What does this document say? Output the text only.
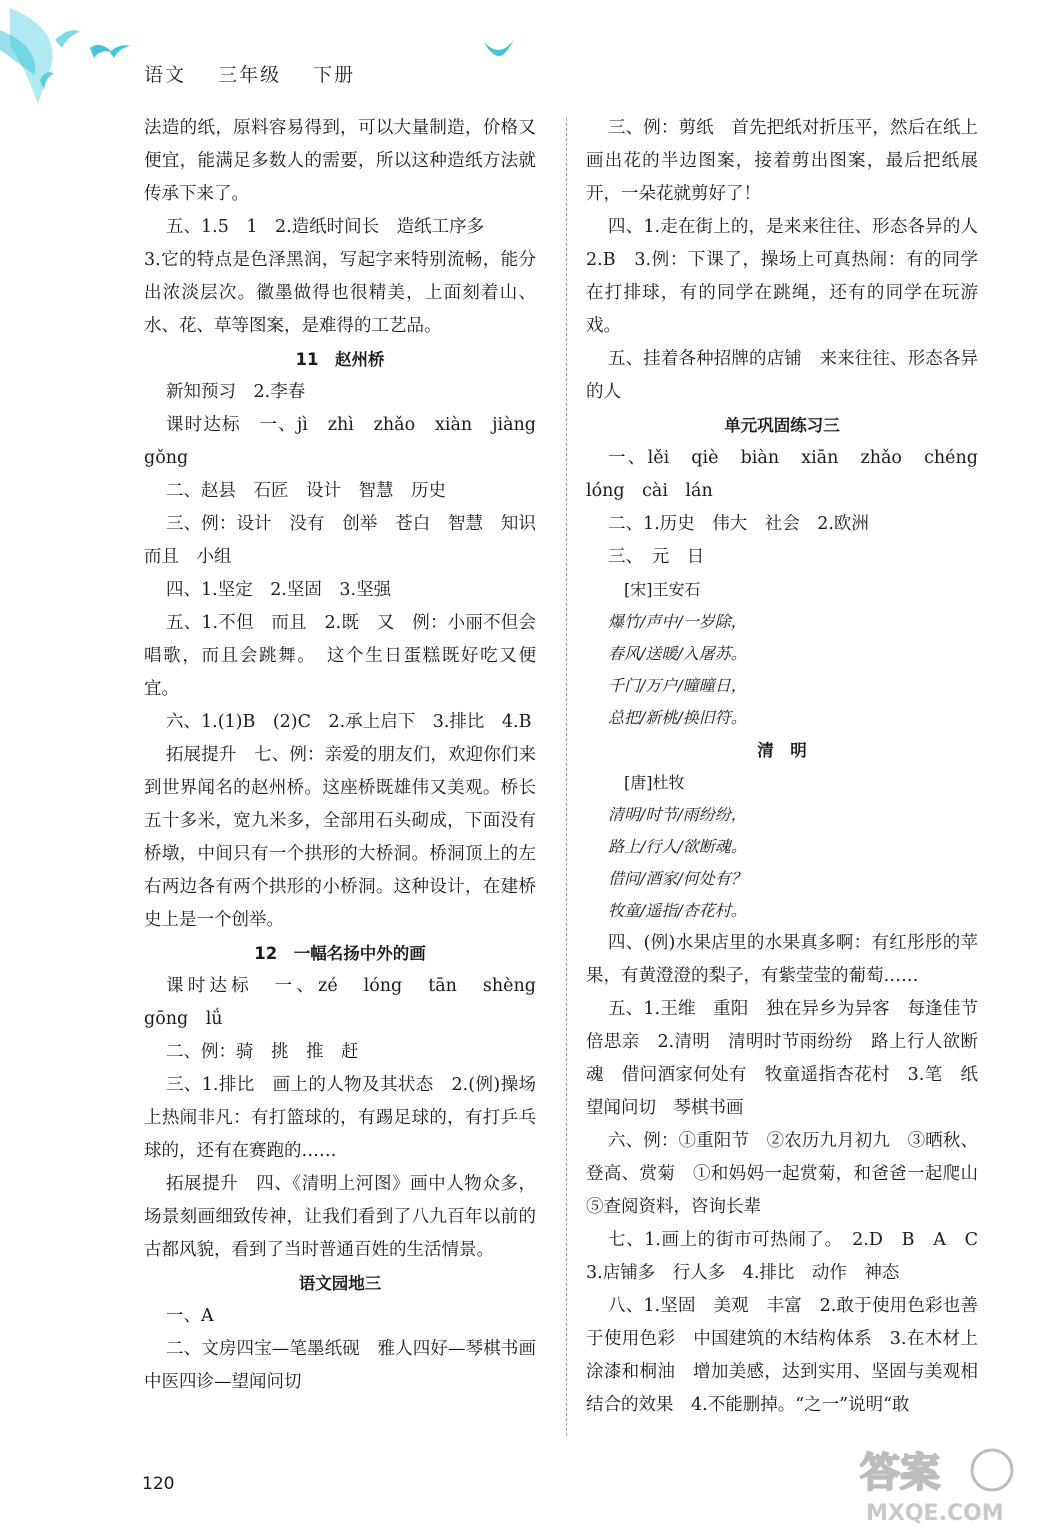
语文 三年级 下册

法造的纸，原料容易得到，可以大量制造，价格又便宜，能满足多数人的需要，所以这种造纸方法就传承下来了。

五、1.5　1　2.造纸时间长　造纸工序多

3.它的特点是色泽黑润，写起字来特别流畅，能分出浓淡层次。徽墨做得也很精美，上面刻着山、水、花、草等图案，是难得的工艺品。

11　赵州桥

新知预习　2.李春

课时达标　一、jì　zhì　zhǎo　xiàn　jiàng　gǒng

二、赵县　石匠　设计　智慧　历史

三、例：设计　没有　创举　苍白　智慧　知识　而且　小组

四、1.坚定　2.坚固　3.坚强

五、1.不但　而且　2.既　又　例：小丽不但会唱歌，而且会跳舞。　这个生日蛋糕既好吃又便宜。

六、1.(1)B　(2)C　2.承上启下　3.排比　4.B

拓展提升　七、例：亲爱的朋友们，欢迎你们来到世界闻名的赵州桥。这座桥既雄伟又美观。桥长五十多米，宽九米多，全部用石头砌成，下面没有桥墩，中间只有一个拱形的大桥洞。桥洞顶上的左右两边各有两个拱形的小桥洞。这种设计，在建桥史上是一个创举。

12　一幅名扬中外的画

课时达标　一、zé　lóng　tān　shèng　gōng　lǘ

二、例：骑　挑　推　赶

三、1.排比　画上的人物及其状态　2.(例)操场上热闹非凡：有打篮球的，有踢足球的，有打乒乓球的，还有在赛跑的……

拓展提升　四、《清明上河图》画中人物众多，场景刻画细致传神，让我们看到了八九百年以前的古都风貌，看到了当时普通百姓的生活情景。

语文园地三

一、A

二、文房四宝—笔墨纸砚　雅人四好—琴棋书画　中医四诊—望闻问切

三、例：剪纸　首先把纸对折压平，然后在纸上画出花的半边图案，接着剪出图案，最后把纸展开，一朵花就剪好了！

四、1.走在街上的，是来来往往、形态各异的人　2.B　3.例：下课了，操场上可真热闹：有的同学在打排球，有的同学在跳绳，还有的同学在玩游戏。

五、挂着各种招牌的店铺　来来往往、形态各异的人

单元巩固练习三

一、lěi　qiè　biàn　xiān　zhǎo　chéng　lóng　cài　lán

二、1.历史　伟大　社会　2.欧洲

三、　元　日

[宋]王安石

爆竹/声中/一岁除，

春风/送暖/入屠苏。

千门/万户/曈曈日，

总把/新桃/换旧符。

清　明

[唐]杜牧

清明/时节/雨纷纷，

路上/行人/欲断魂。

借问/酒家/何处有？

牧童/遥指/杏花村。

四、(例)水果店里的水果真多啊：有红彤彤的苹果，有黄澄澄的梨子，有紫莹莹的葡萄……

五、1.王维　重阳　独在异乡为异客　每逢佳节倍思亲　2.清明　清明时节雨纷纷　路上行人欲断魂　借问酒家何处有　牧童遥指杏花村　3.笔　纸　望闻问切　琴棋书画

六、例：①重阳节　②农历九月初九　③晒秋、登高、赏菊　①和妈妈一起赏菊，和爸爸一起爬山　⑤查阅资料，咨询长辈

七、1.画上的街市可热闹了。　2.D　B　A　C　3.店铺多　行人多　4.排比　动作　神态

八、1.坚固　美观　丰富　2.敢于使用色彩也善于使用色彩　中国建筑的木结构体系　3.在木材上涂漆和桐油　增加美感，达到实用、坚固与美观相结合的效果　4.不能删掉。“之一”说明“敢

120	答案
MXQE.COM
